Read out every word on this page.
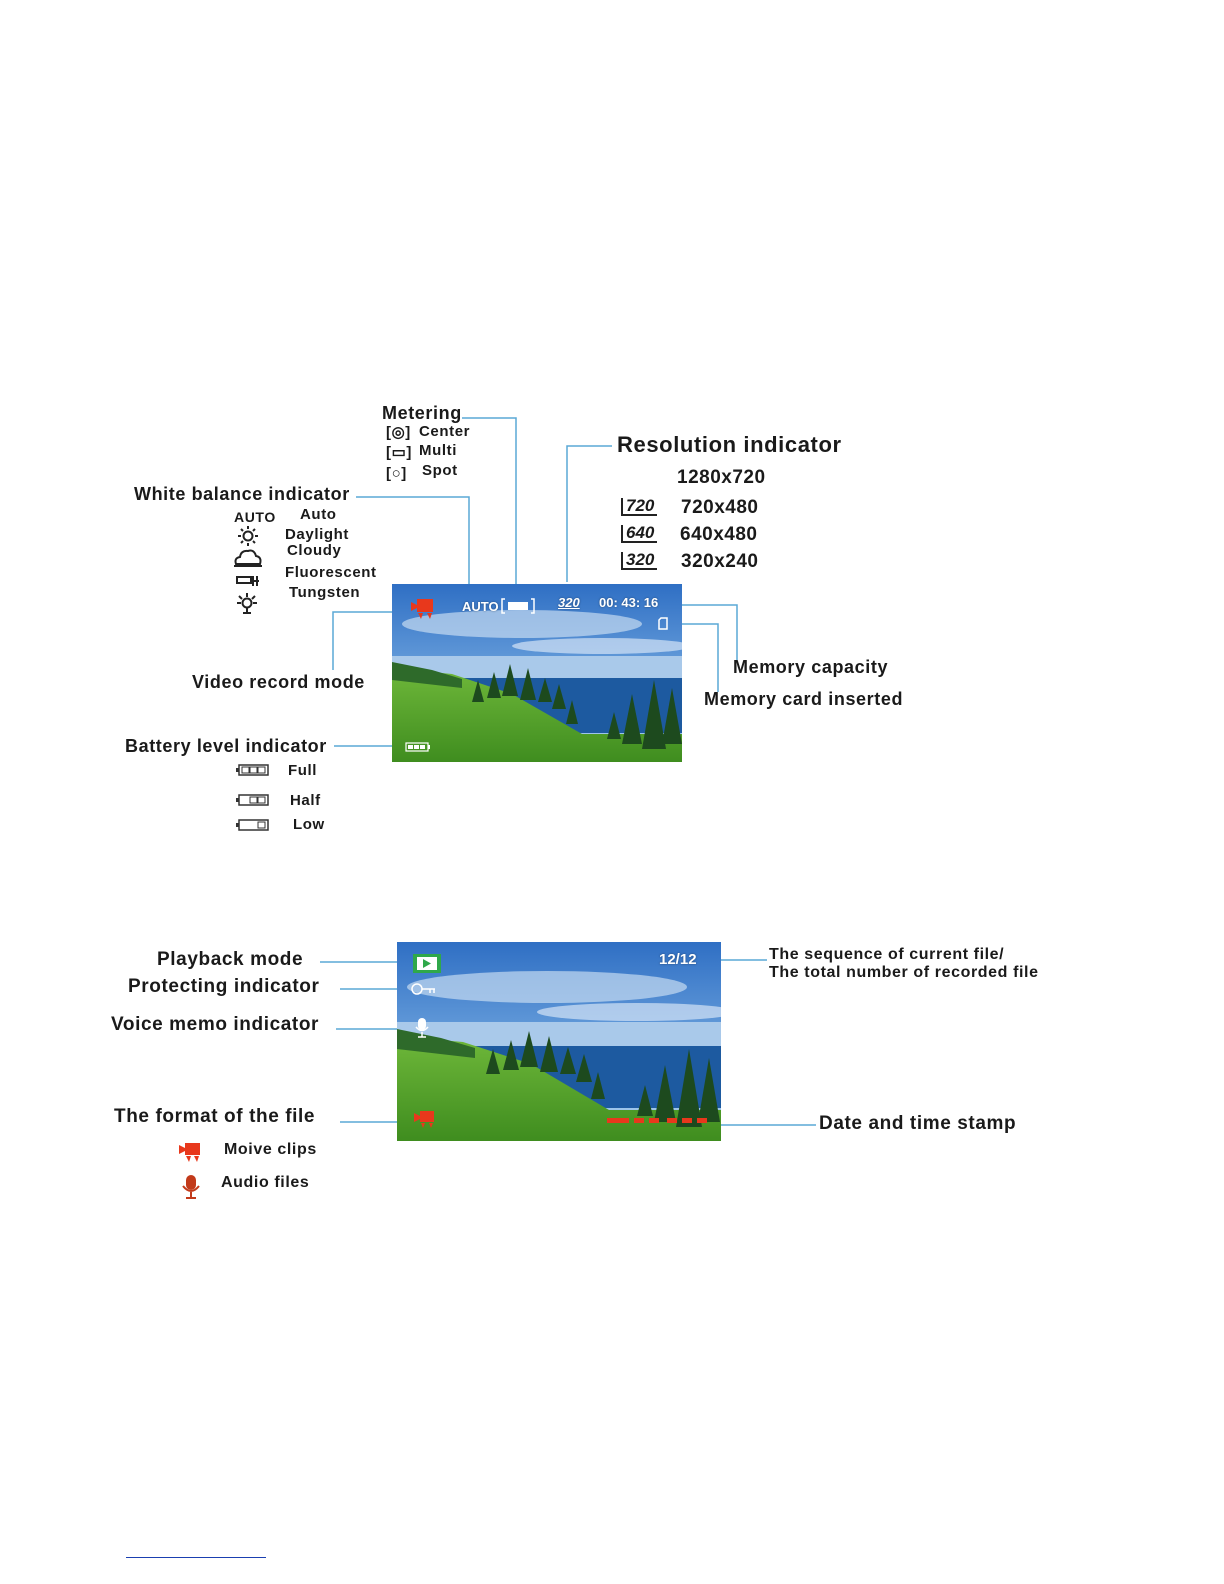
Metering
[◎] Center
[▭] Multi
[○] Spot
Resolution indicator
1280x720
720 720x480
640 640x480
320 320x240
White balance indicator
AUTO Auto
Daylight
Cloudy
Fluorescent
Tungsten
AUTO	320 00: 43: 16
Video record mode
Memory capacity
Memory card inserted
Battery level indicator
Full
Half
Low
12/12
Playback mode
Protecting indicator
Voice memo indicator
The format of the file
The sequence of current file/
The total number of recorded file
Date and time stamp
Moive clips
Audio files
